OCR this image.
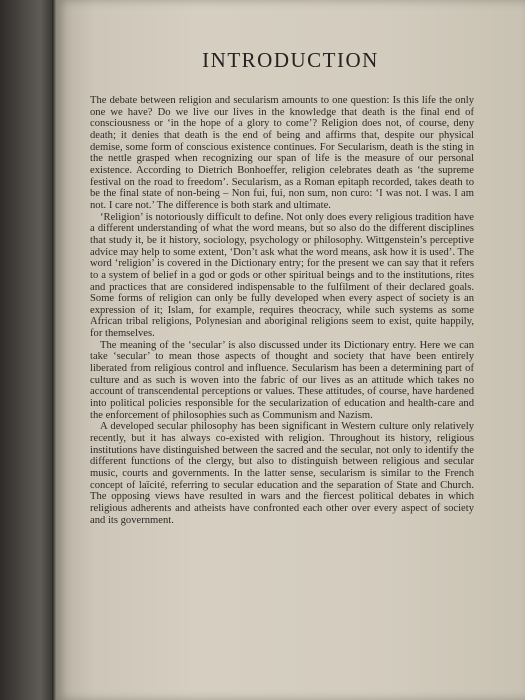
INTRODUCTION

The debate between religion and secularism amounts to one question: Is this life the only one we have? Do we live our lives in the knowledge that death is the final end of consciousness or ‘in the hope of a glory to come’? Religion does not, of course, deny death; it denies that death is the end of being and affirms that, despite our physical demise, some form of conscious existence continues. For Secularism, death is the sting in the nettle grasped when recognizing our span of life is the measure of our personal existence. According to Dietrich Bonhoeffer, religion celebrates death as ‘the supreme festival on the road to freedom’. Secularism, as a Roman epitaph recorded, takes death to be the final state of non-being – Non fui, fui, non sum, non curo: ‘I was not. I was. I am not. I care not.’ The difference is both stark and ultimate.

‘Religion’ is notoriously difficult to define. Not only does every religious tradition have a different understanding of what the word means, but so also do the different disciplines that study it, be it history, sociology, psychology or philosophy. Wittgenstein’s perceptive advice may help to some extent, ‘Don’t ask what the word means, ask how it is used’. The word ‘religion’ is covered in the Dictionary entry; for the present we can say that it refers to a system of belief in a god or gods or other spiritual beings and to the institutions, rites and practices that are considered indispensable to the fulfilment of their declared goals. Some forms of religion can only be fully developed when every aspect of society is an expression of it; Islam, for example, requires theocracy, while such systems as some African tribal religions, Polynesian and aboriginal religions seem to exist, quite happily, for themselves.

The meaning of the ‘secular’ is also discussed under its Dictionary entry. Here we can take ‘secular’ to mean those aspects of thought and society that have been entirely liberated from religious control and influence. Secularism has been a determining part of culture and as such is woven into the fabric of our lives as an attitude which takes no account of transcendental perceptions or values. These attitudes, of course, have hardened into political policies responsible for the secularization of education and health-care and the enforcement of philosophies such as Communism and Nazism.

A developed secular philosophy has been significant in Western culture only relatively recently, but it has always co-existed with religion. Throughout its history, religious institutions have distinguished between the sacred and the secular, not only to identify the different functions of the clergy, but also to distinguish between religious and secular music, courts and governments. In the latter sense, secularism is similar to the French concept of laïcité, referring to secular education and the separation of State and Church. The opposing views have resulted in wars and the fiercest political debates in which religious adherents and atheists have confronted each other over every aspect of society and its government.
